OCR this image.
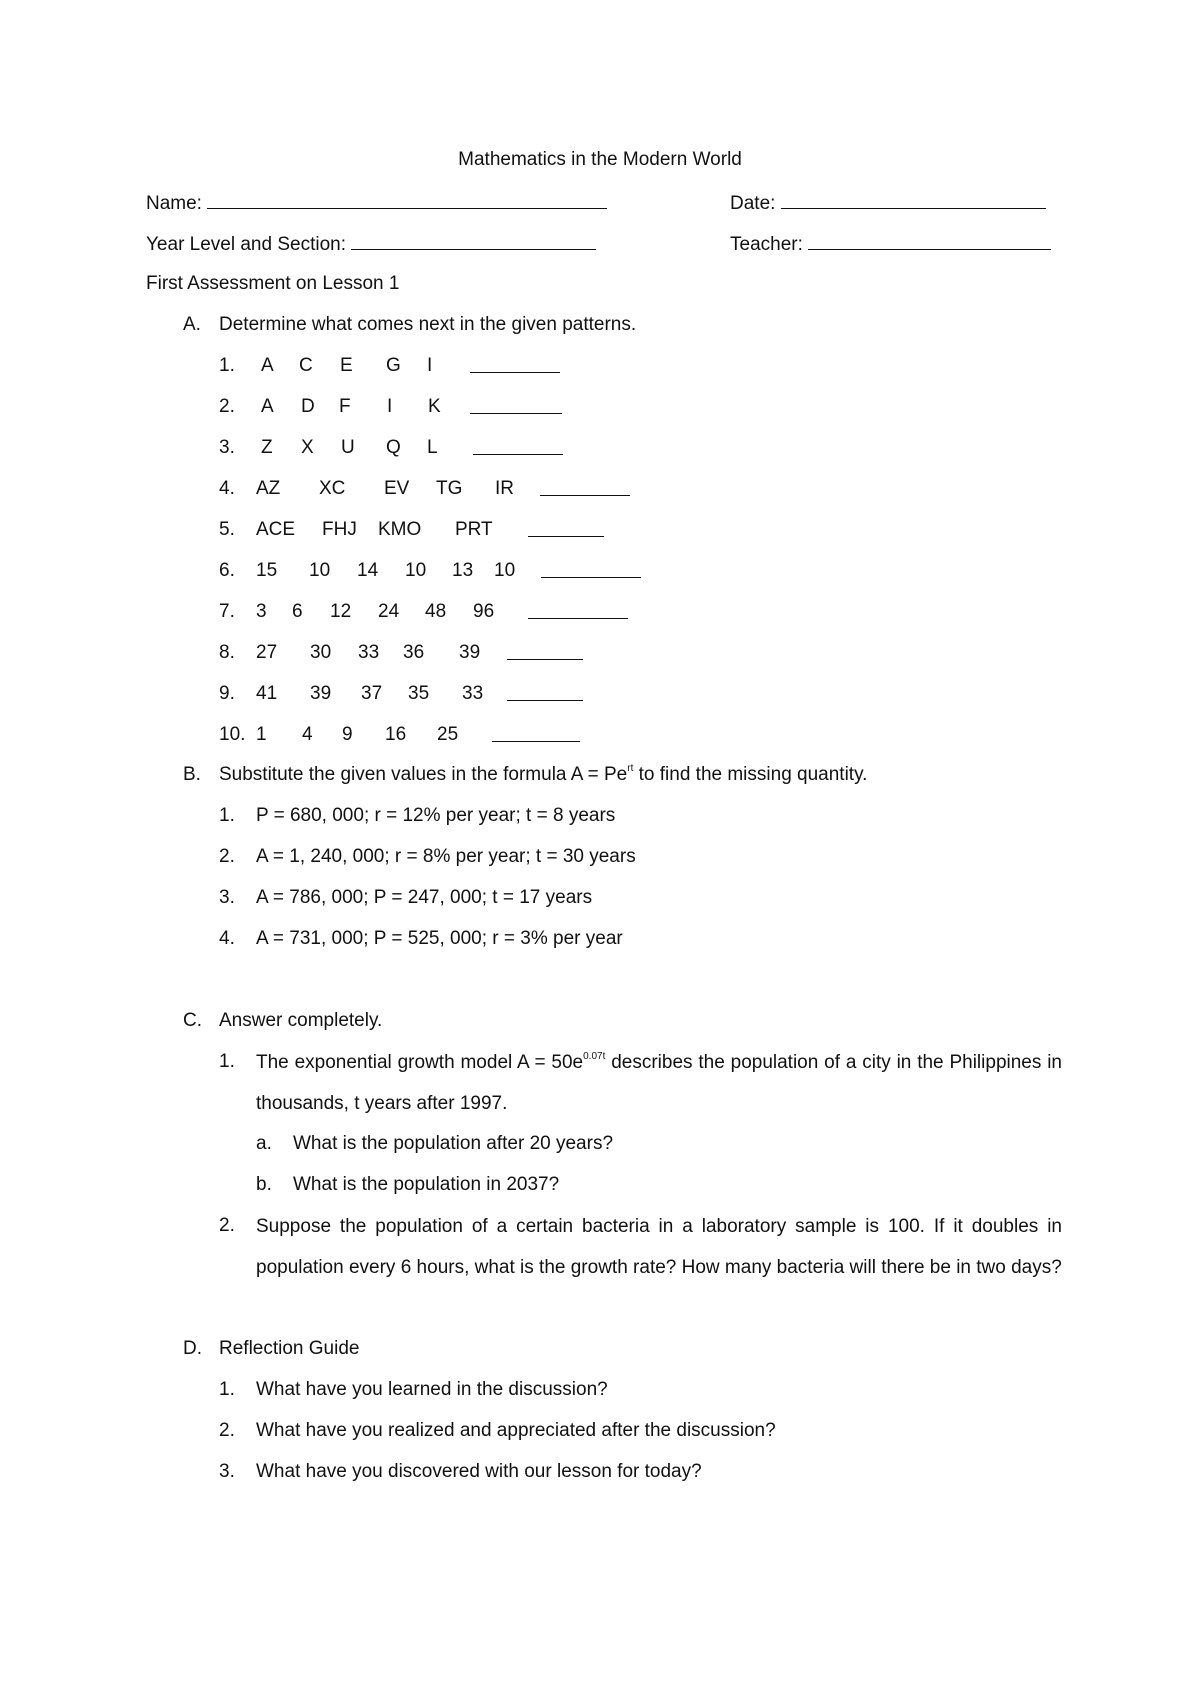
Mathematics in the Modern World
Name:	Date:
Year Level and Section:	Teacher:
First Assessment on Lesson 1
A. Determine what comes next in the given patterns.
1. A C E G I
2. A D F I K
3. Z X U Q L
4. AZ XC EV TG IR
5. ACE FHJ KMO PRT
6. 15 10 14 10 13 10
7. 3 6 12 24 48 96
8. 27 30 33 36 39
9. 41 39 37 35 33
10. 1 4 9 16 25
B. Substitute the given values in the formula $A = Pe^{rt}$ to find the missing quantity.
1. P = 680, 000; r = 12% per year; t = 8 years
2. A = 1, 240, 000; r = 8% per year; t = 30 years
3. A = 786, 000; P = 247, 000; t = 17 years
4. A = 731, 000; P = 525, 000; r = 3% per year
C. Answer completely.
1. The exponential growth model $A = 50e^{0.07t}$ describes the population of a city in the Philippines in thousands, t years after 1997.
a. What is the population after 20 years?
b. What is the population in 2037?
2. Suppose the population of a certain bacteria in a laboratory sample is 100. If it doubles in population every 6 hours, what is the growth rate? How many bacteria will there be in two days?
D. Reflection Guide
1. What have you learned in the discussion?
2. What have you realized and appreciated after the discussion?
3. What have you discovered with our lesson for today?
